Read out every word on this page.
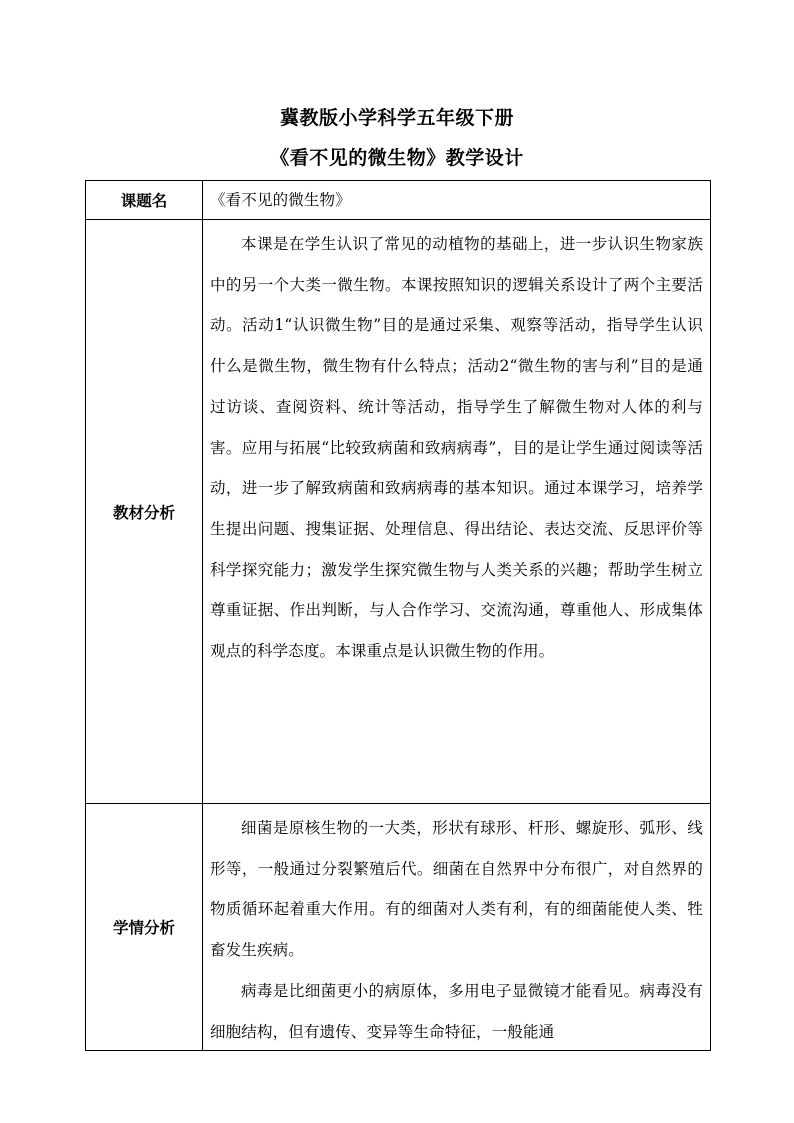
冀教版小学科学五年级下册
《看不见的微生物》教学设计
课题名	《看不见的微生物》
教材分析	本课是在学生认识了常见的动植物的基础上，进一步认识生物家族中的另一个大类一微生物。本课按照知识的逻辑关系设计了两个主要活动。活动1“认识微生物”目的是通过采集、观察等活动，指导学生认识什么是微生物，微生物有什么特点；活动2“微生物的害与利”目的是通过访谈、查阅资料、统计等活动，指导学生了解微生物对人体的利与害。应用与拓展“比较致病菌和致病病毒”，目的是让学生通过阅读等活动，进一步了解致病菌和致病病毒的基本知识。通过本课学习，培养学生提出问题、搜集证据、处理信息、得出结论、表达交流、反思评价等科学探究能力；激发学生探究微生物与人类关系的兴趣；帮助学生树立尊重证据、作出判断，与人合作学习、交流沟通，尊重他人、形成集体观点的科学态度。本课重点是认识微生物的作用。

学情分析	细菌是原核生物的一大类，形状有球形、杆形、螺旋形、弧形、线形等，一般通过分裂繁殖后代。细菌在自然界中分布很广，对自然界的物质循环起着重大作用。有的细菌对人类有利，有的细菌能使人类、牲畜发生疾病。

病毒是比细菌更小的病原体，多用电子显微镜才能看见。病毒没有细胞结构，但有遗传、变异等生命特征，一般能通
